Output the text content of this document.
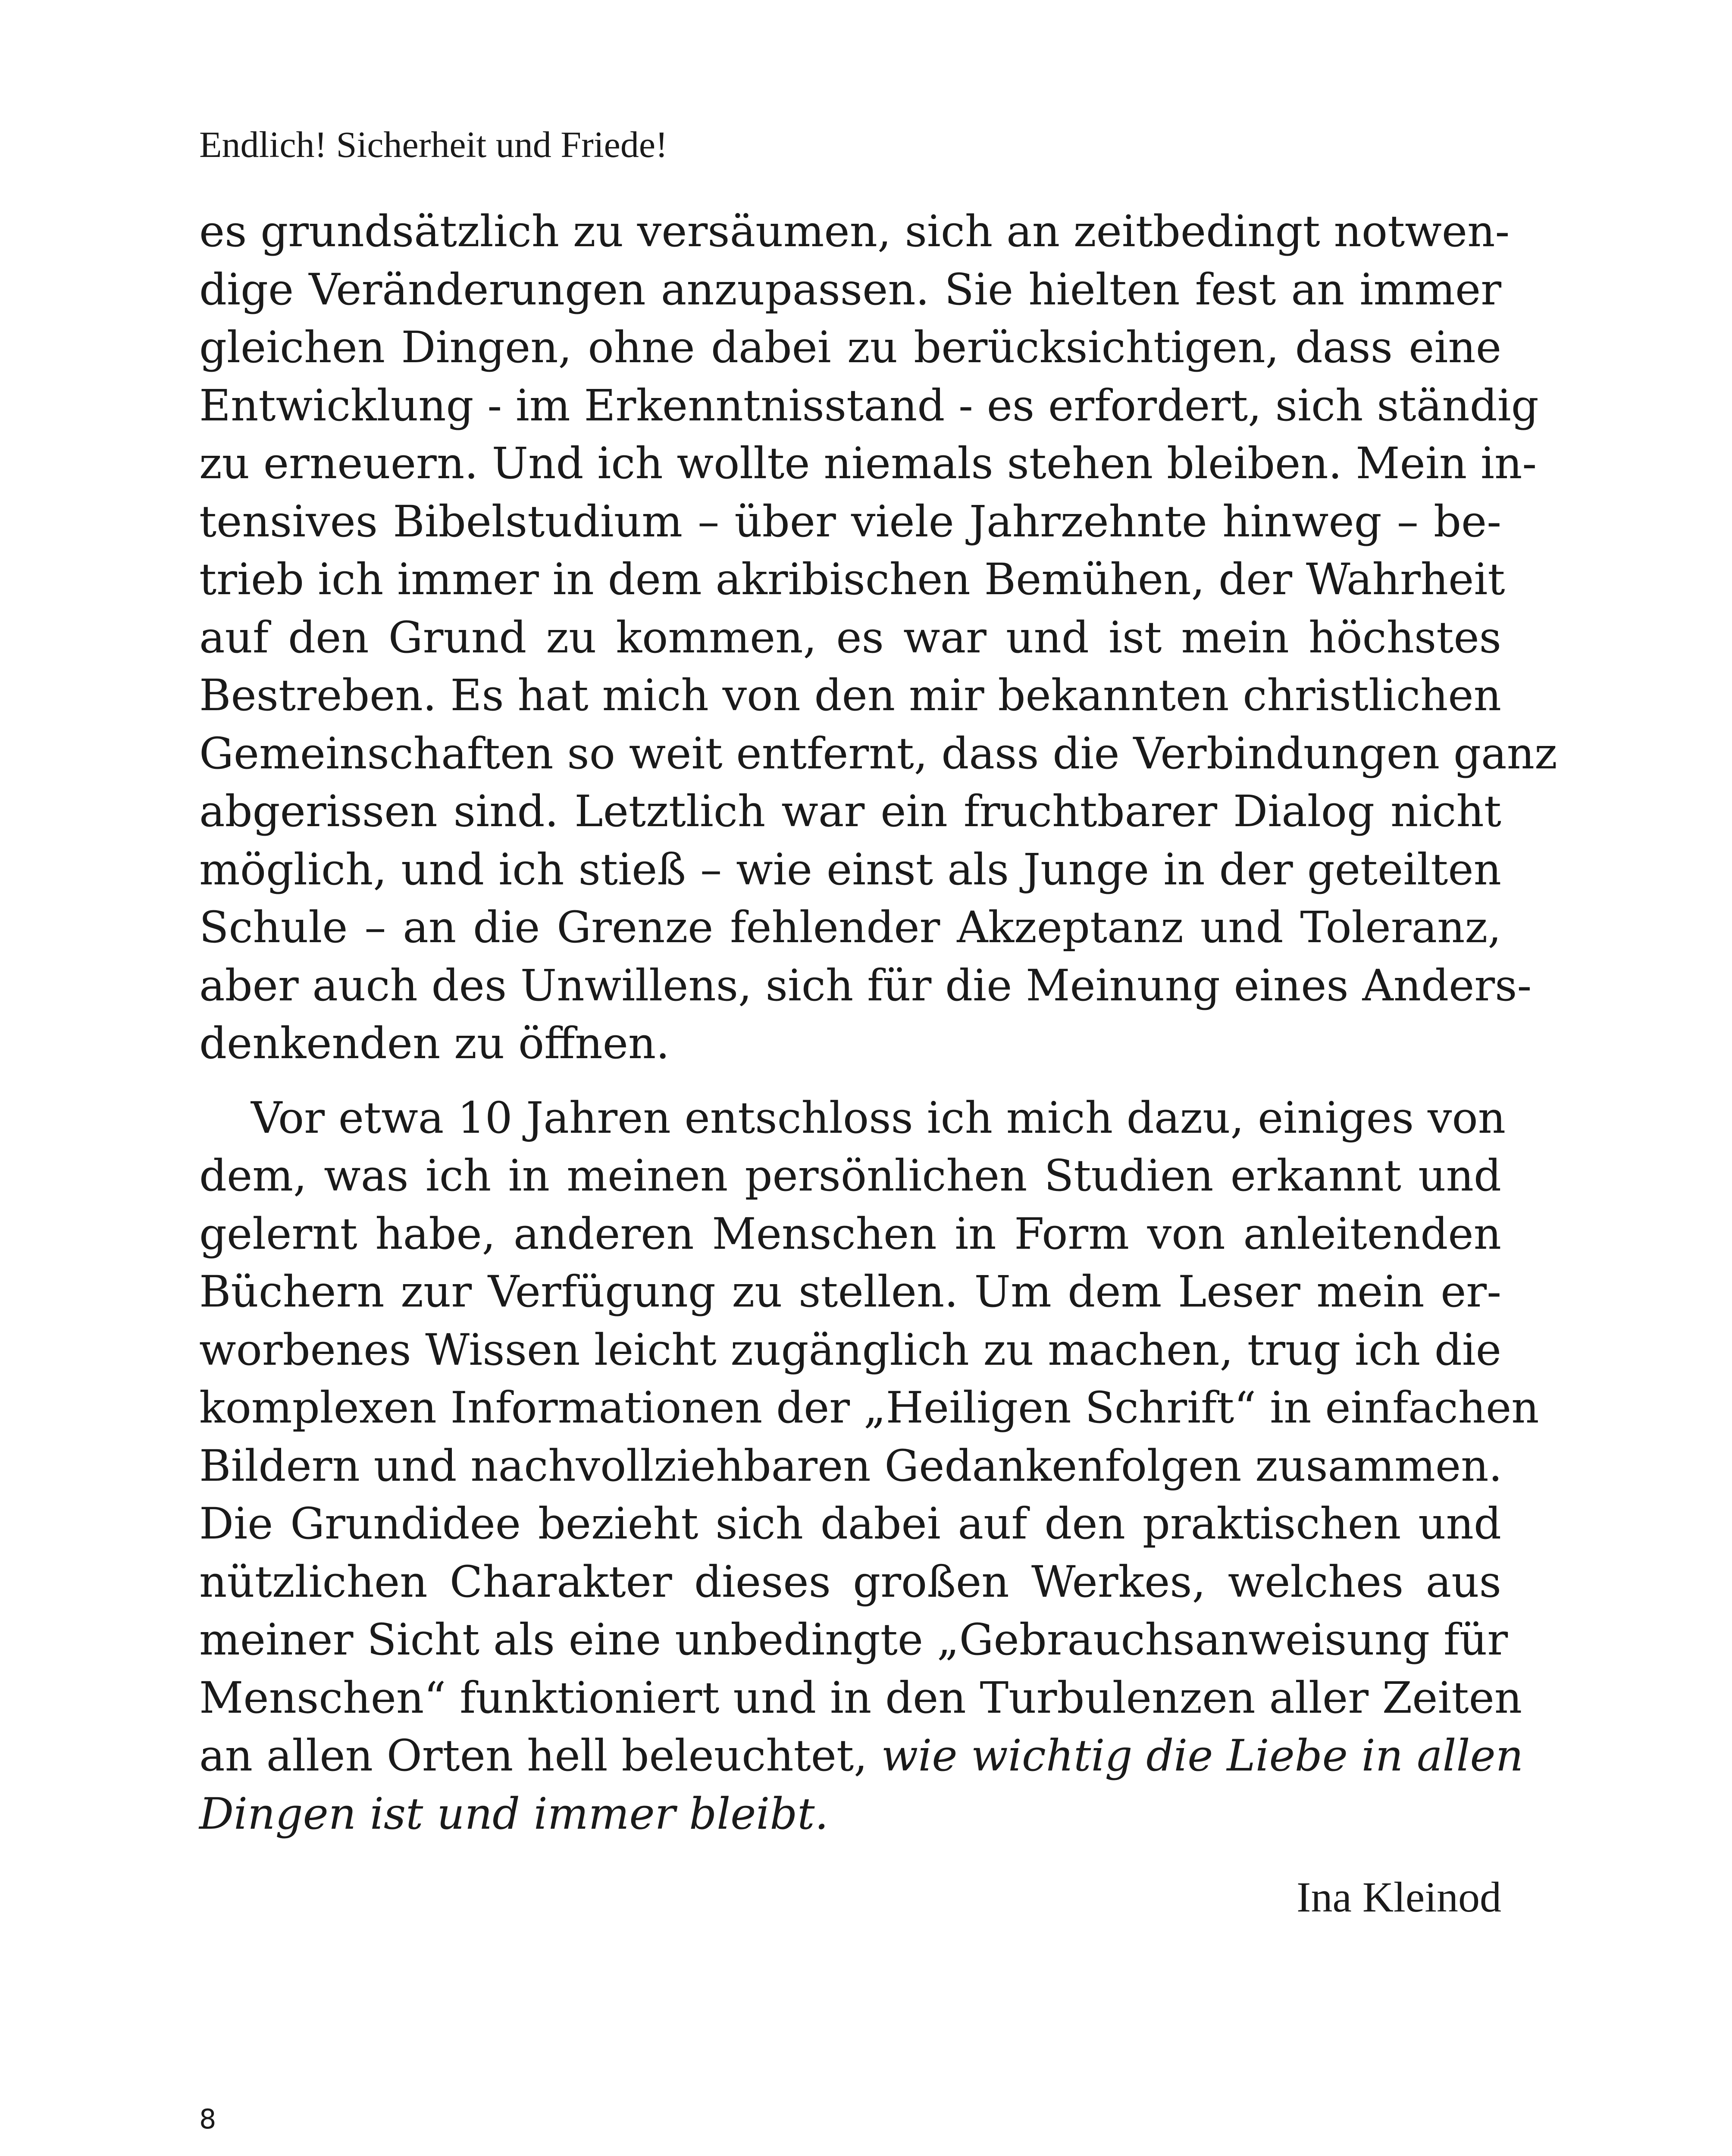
Endlich! Sicherheit und Friede!

es grundsätzlich zu versäumen, sich an zeitbedingt notwen-
dige Veränderungen anzupassen. Sie hielten fest an immer
gleichen Dingen, ohne dabei zu berücksichtigen, dass eine
Entwicklung - im Erkenntnisstand - es erfordert, sich ständig
zu erneuern. Und ich wollte niemals stehen bleiben. Mein in-
tensives Bibelstudium – über viele Jahrzehnte hinweg – be-
trieb ich immer in dem akribischen Bemühen, der Wahrheit
auf den Grund zu kommen, es war und ist mein höchstes
Bestreben. Es hat mich von den mir bekannten christlichen
Gemeinschaften so weit entfernt, dass die Verbindungen ganz
abgerissen sind. Letztlich war ein fruchtbarer Dialog nicht
möglich, und ich stieß – wie einst als Junge in der geteilten
Schule – an die Grenze fehlender Akzeptanz und Toleranz,
aber auch des Unwillens, sich für die Meinung eines Anders-
denkenden zu öffnen.

Vor etwa 10 Jahren entschloss ich mich dazu, einiges von
dem, was ich in meinen persönlichen Studien erkannt und
gelernt habe, anderen Menschen in Form von anleitenden
Büchern zur Verfügung zu stellen. Um dem Leser mein er-
worbenes Wissen leicht zugänglich zu machen, trug ich die
komplexen Informationen der „Heiligen Schrift“ in einfachen
Bildern und nachvollziehbaren Gedankenfolgen zusammen.
Die Grundidee bezieht sich dabei auf den praktischen und
nützlichen Charakter dieses großen Werkes, welches aus
meiner Sicht als eine unbedingte „Gebrauchsanweisung für
Menschen“ funktioniert und in den Turbulenzen aller Zeiten
an allen Orten hell beleuchtet, wie wichtig die Liebe in allen
Dingen ist und immer bleibt.

Ina Kleinod
8
